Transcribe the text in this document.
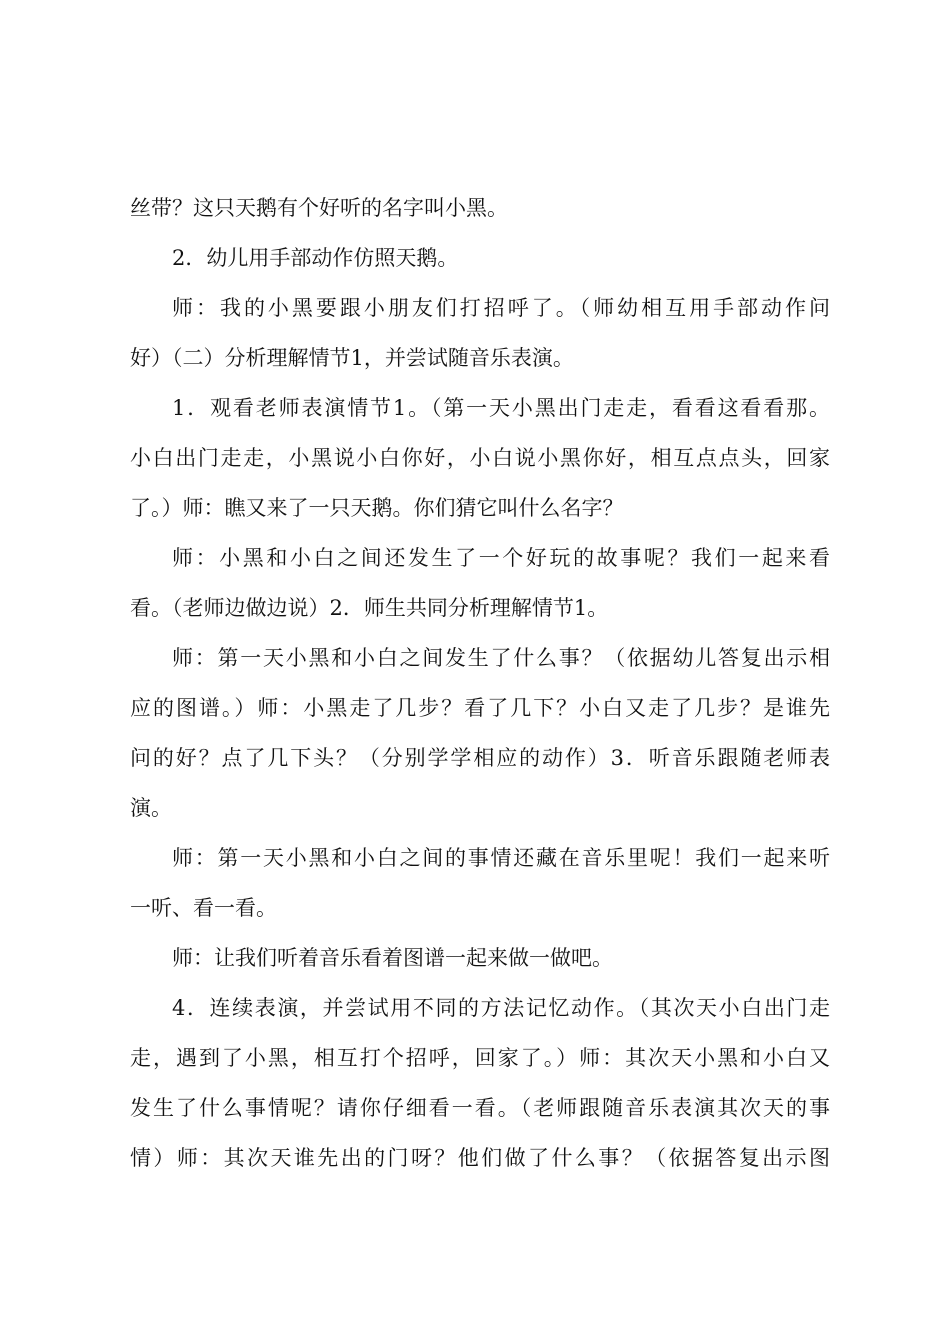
丝带？这只天鹅有个好听的名字叫小黑。
2．幼儿用手部动作仿照天鹅。
师：我的小黑要跟小朋友们打招呼了。（师幼相互用手部动作问
好）（二）分析理解情节1，并尝试随音乐表演。
1．观看老师表演情节1。（第一天小黑出门走走，看看这看看那。
小白出门走走，小黑说小白你好，小白说小黑你好，相互点点头，回家
了。）师：瞧又来了一只天鹅。你们猜它叫什么名字？
师：小黑和小白之间还发生了一个好玩的故事呢？我们一起来看
看。（老师边做边说）2．师生共同分析理解情节1。
师：第一天小黑和小白之间发生了什么事？（依据幼儿答复出示相
应的图谱。）师：小黑走了几步？看了几下？小白又走了几步？是谁先
问的好？点了几下头？（分别学学相应的动作）3．听音乐跟随老师表
演。
师：第一天小黑和小白之间的事情还藏在音乐里呢！我们一起来听
一听、看一看。
师：让我们听着音乐看着图谱一起来做一做吧。
4．连续表演，并尝试用不同的方法记忆动作。（其次天小白出门走
走，遇到了小黑，相互打个招呼，回家了。）师：其次天小黑和小白又
发生了什么事情呢？请你仔细看一看。（老师跟随音乐表演其次天的事
情）师：其次天谁先出的门呀？他们做了什么事？（依据答复出示图
